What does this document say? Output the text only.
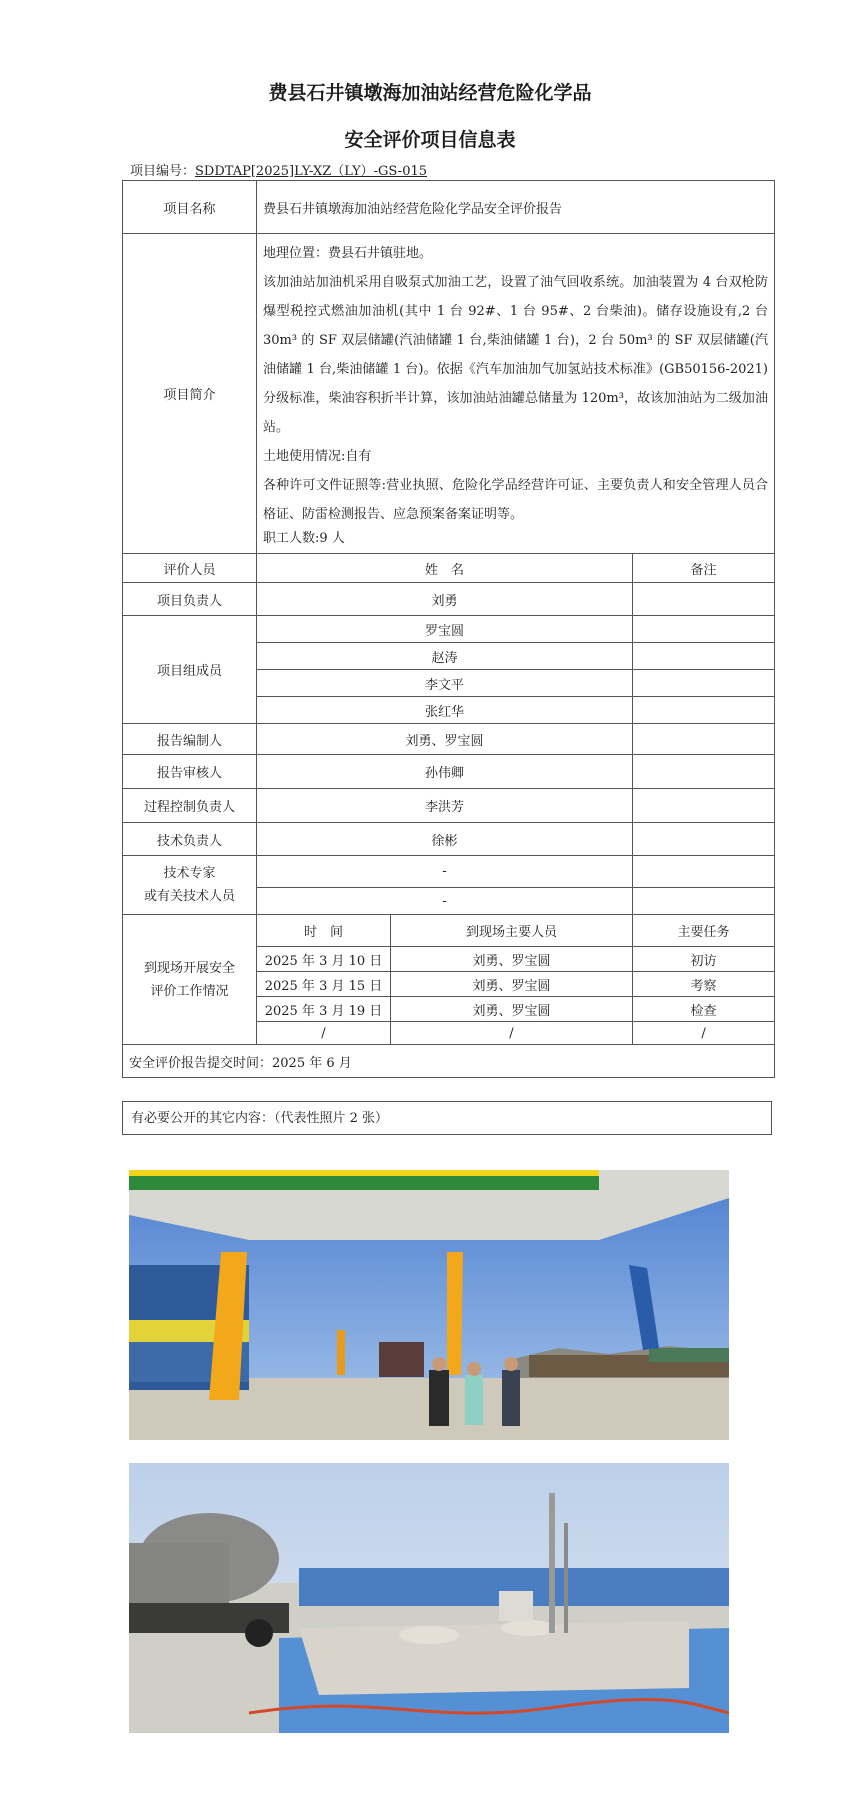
费县石井镇墩海加油站经营危险化学品
安全评价项目信息表
项目编号：SDDTAP[2025]LY-XZ（LY）-GS-015
项目名称	费县石井镇墩海加油站经营危险化学品安全评价报告		
项目简介	地理位置：费县石井镇驻地。

该加油站加油机采用自吸泵式加油工艺，设置了油气回收系统。加油装置为 4 台双枪防爆型税控式燃油加油机(其中 1 台 92#、1 台 95#、2 台柴油)。储存设施设有,2 台 30m³ 的 SF 双层储罐(汽油储罐 1 台,柴油储罐 1 台)，2 台 50m³ 的 SF 双层储罐(汽油储罐 1 台,柴油储罐 1 台)。依据《汽车加油加气加氢站技术标准》(GB50156-2021)分级标准，柴油容积折半计算，该加油站油罐总储量为 120m³，故该加油站为二级加油站。

土地使用情况:自有

各种许可文件证照等:营业执照、危险化学品经营许可证、主要负责人和安全管理人员合格证、防雷检测报告、应急预案备案证明等。

职工人数:9 人		

评价人员	姓　名		备注
项目负责人	刘勇		
项目组成员	罗宝圆		
	赵涛		
	李文平		
	张红华		
报告编制人	刘勇、罗宝圆		
报告审核人	孙伟卿		
过程控制负责人	李洪芳		
技术负责人	徐彬		
技术专家
或有关技术人员	-		
	-		
到现场开展安全
评价工作情况	时　间	到现场主要人员	主要任务
	2025 年 3 月 10 日	刘勇、罗宝圆	初访
	2025 年 3 月 15 日	刘勇、罗宝圆	考察
	2025 年 3 月 19 日	刘勇、罗宝圆	检查
	/	/	/
安全评价报告提交时间：2025 年 6 月			
有必要公开的其它内容：（代表性照片 2 张）
